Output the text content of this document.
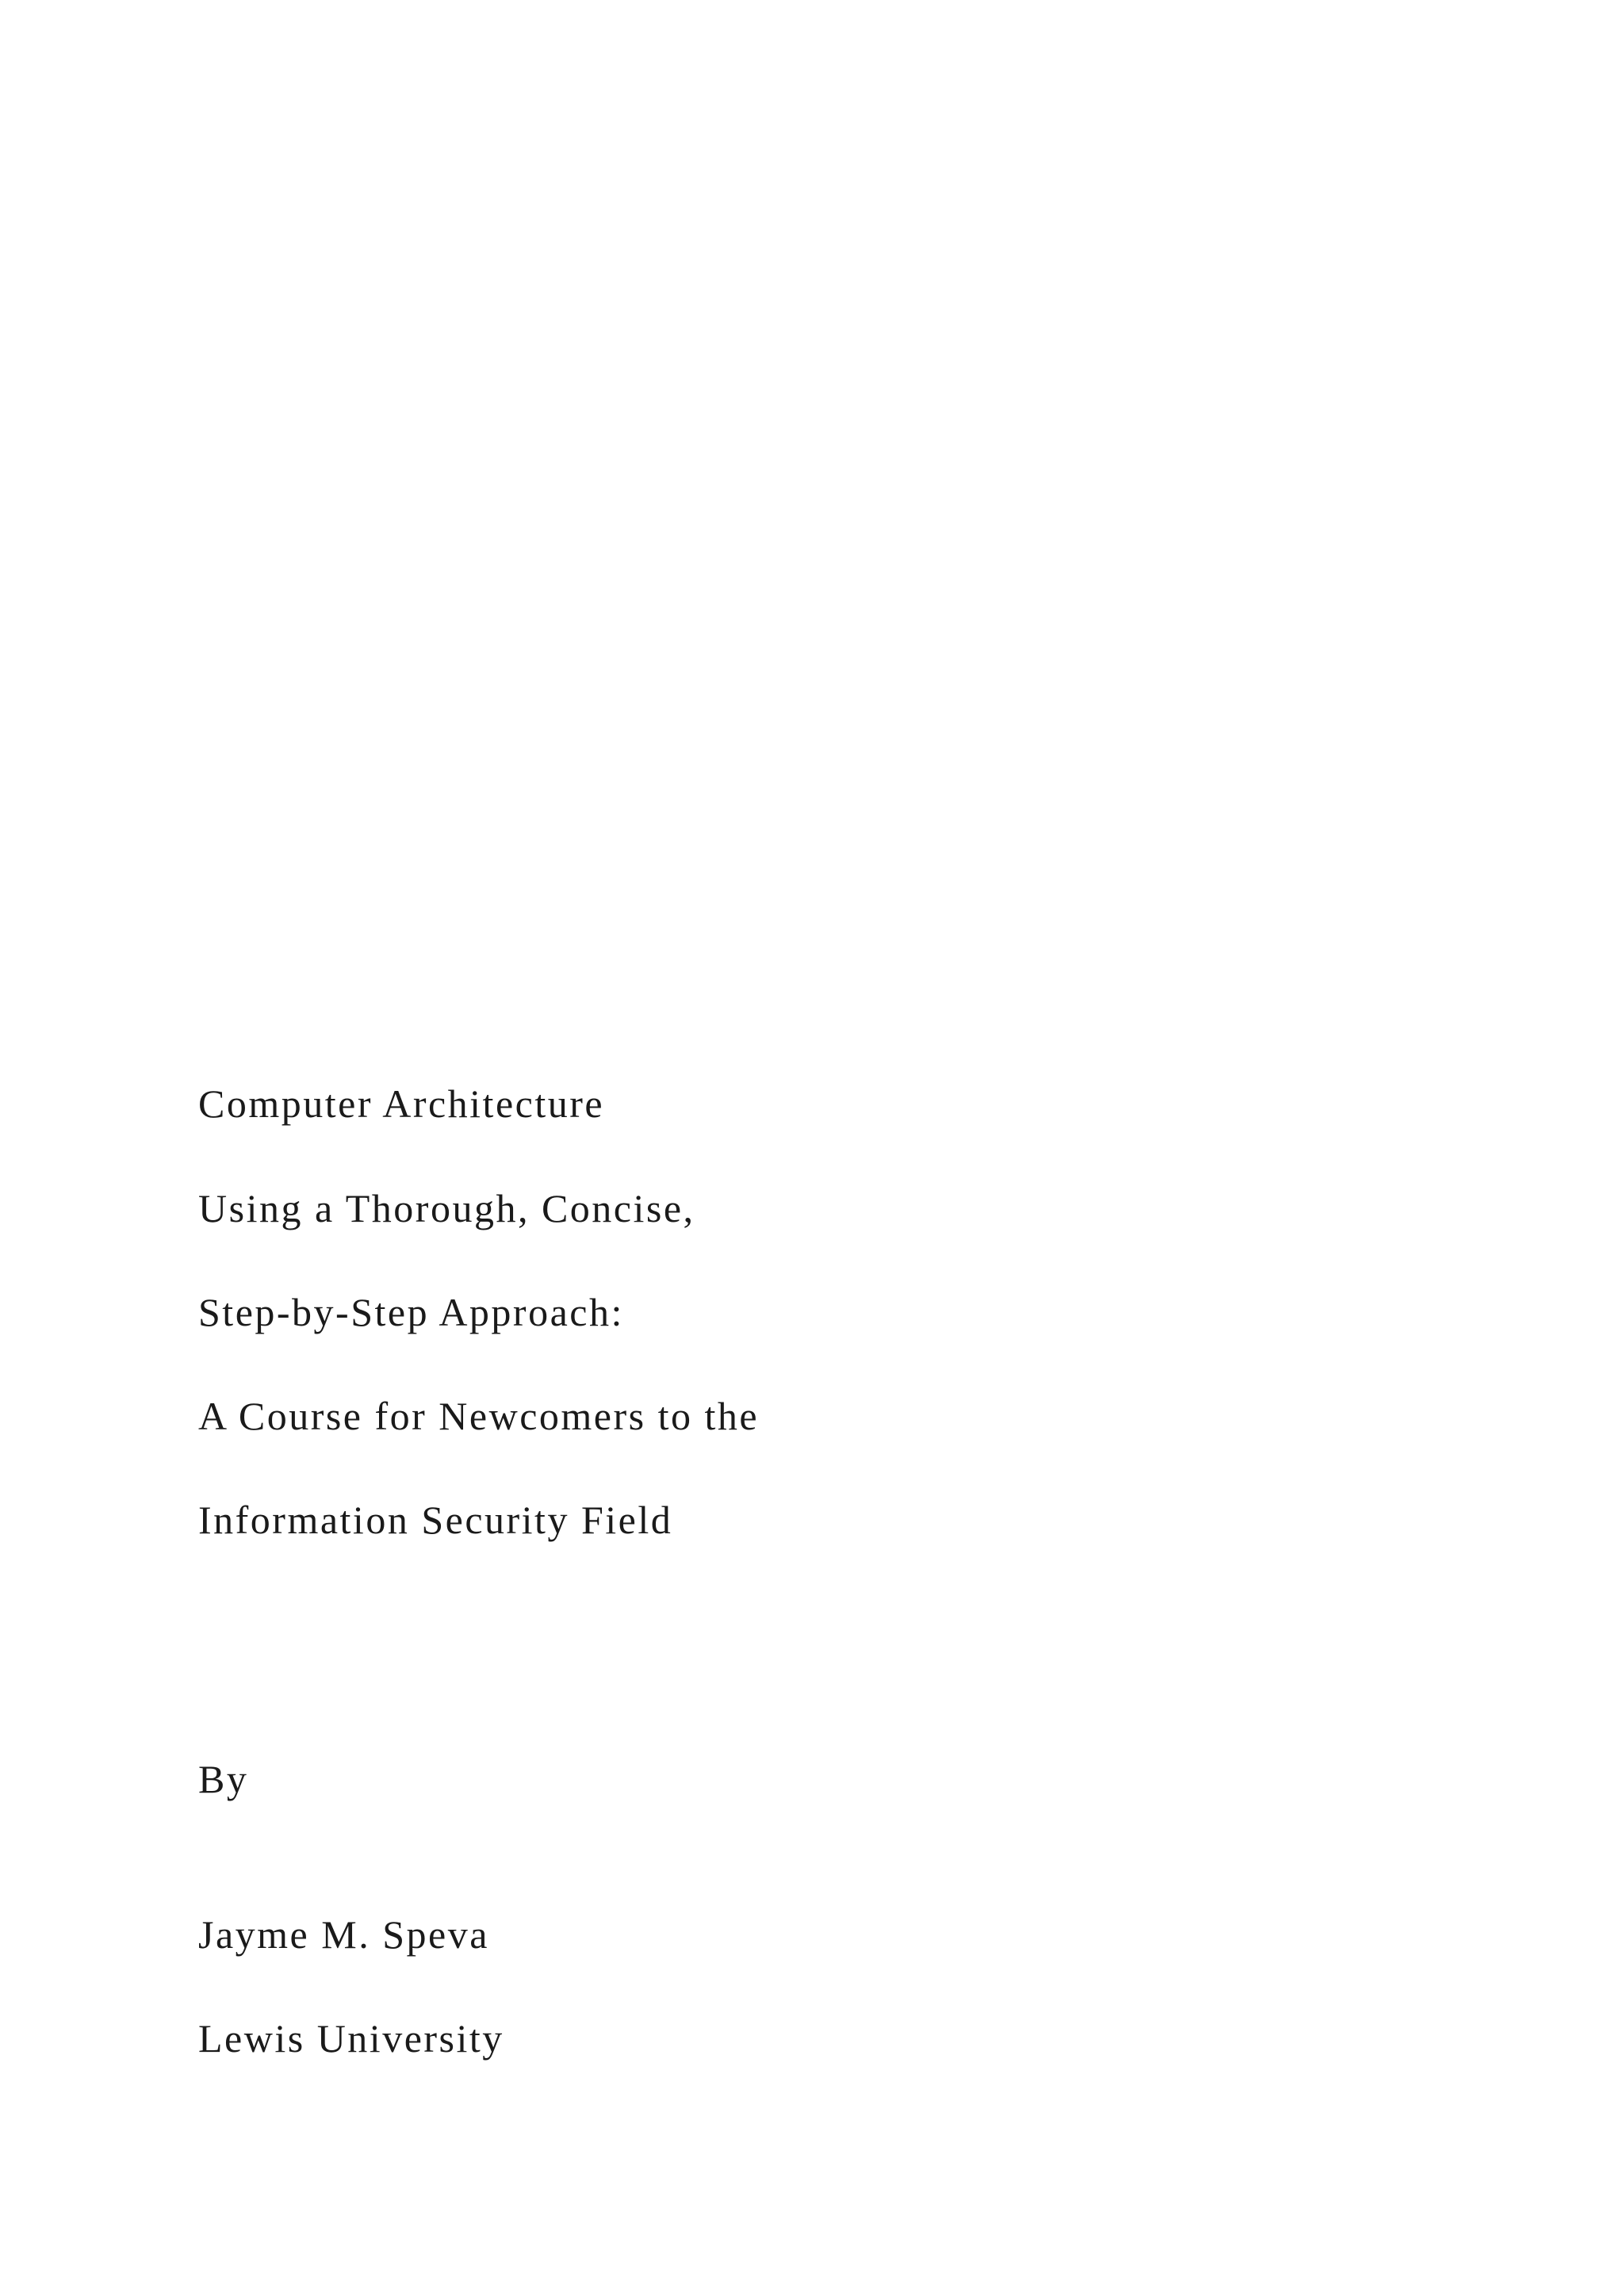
Computer Architecture
Using a Thorough, Concise,
Step-by-Step Approach:
A Course for Newcomers to the
Information Security Field
By
Jayme M. Speva
Lewis University
